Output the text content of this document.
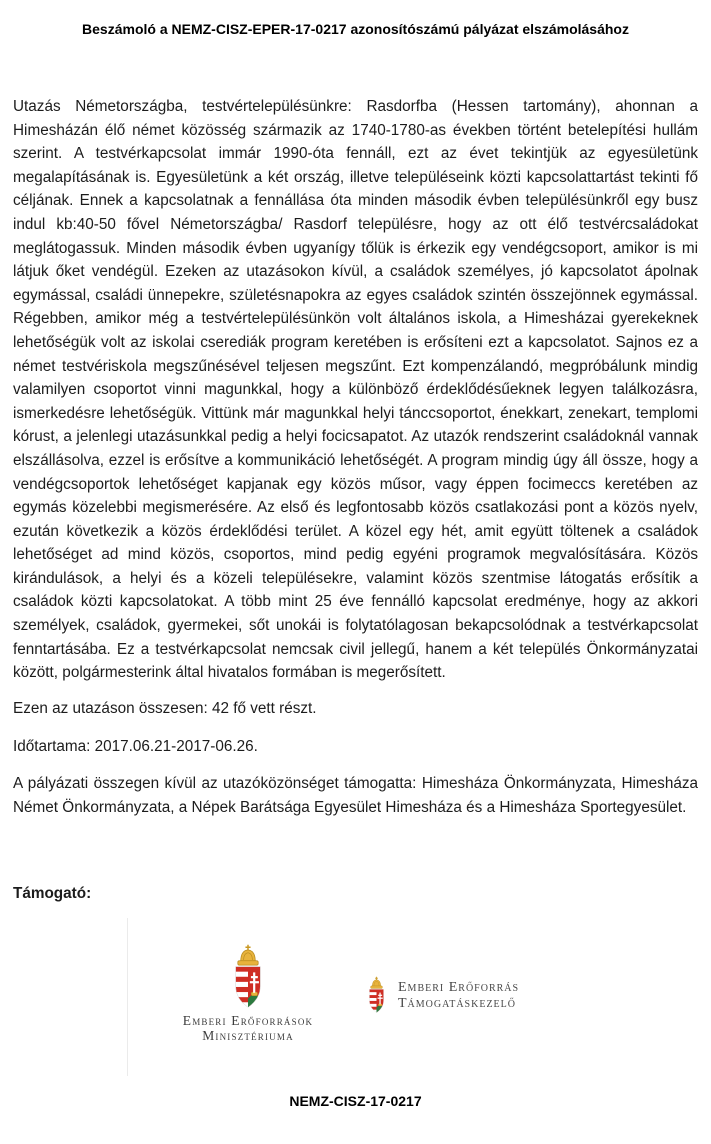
Beszámoló a NEMZ-CISZ-EPER-17-0217 azonosítószámú pályázat elszámolásához
Utazás Németországba, testvértelepülésünkre: Rasdorfba (Hessen tartomány), ahonnan a Himesházán élő német közösség származik az 1740-1780-as években történt betelepítési hullám szerint. A testvérkapcsolat immár 1990-óta fennáll, ezt az évet tekintjük az egyesületünk megalapításának is. Egyesületünk a két ország, illetve településeink közti kapcsolattartást tekinti fő céljának. Ennek a kapcsolatnak a fennállása óta minden második évben településünkről egy busz indul kb:40-50 fővel Németországba/ Rasdorf településre, hogy az ott élő testvércsaládokat meglátogassuk. Minden második évben ugyanígy tőlük is érkezik egy vendégcsoport, amikor is mi látjuk őket vendégül. Ezeken az utazásokon kívül, a családok személyes, jó kapcsolatot ápolnak egymással, családi ünnepekre, születésnapokra az egyes családok szintén összejönnek egymással. Régebben, amikor még a testvértelepülésünkön volt általános iskola, a Himesházai gyerekeknek lehetőségük volt az iskolai cserediák program keretében is erősíteni ezt a kapcsolatot. Sajnos ez a német testvériskola megszűnésével teljesen megszűnt. Ezt kompenzálandó, megpróbálunk mindig valamilyen csoportot vinni magunkkal, hogy a különböző érdeklődésűeknek legyen találkozásra, ismerkedésre lehetőségük. Vittünk már magunkkal helyi tánccsoportot, énekkart, zenekart, templomi kórust, a jelenlegi utazásunkkal pedig a helyi focicsapatot. Az utazók rendszerint családoknál vannak elszállásolva, ezzel is erősítve a kommunikáció lehetőségét. A program mindig úgy áll össze, hogy a vendégcsoportok lehetőséget kapjanak egy közös műsor, vagy éppen focimeccs keretében az egymás közelebbi megismerésére. Az első és legfontosabb közös csatlakozási pont a közös nyelv, ezután következik a közös érdeklődési terület. A közel egy hét, amit együtt töltenek a családok lehetőséget ad mind közös, csoportos, mind pedig egyéni programok megvalósítására. Közös kirándulások, a helyi és a közeli településekre, valamint közös szentmise látogatás erősítik a családok közti kapcsolatokat. A több mint 25 éve fennálló kapcsolat eredménye, hogy az akkori személyek, családok, gyermekei, sőt unokái is folytatólagosan bekapcsolódnak a testvérkapcsolat fenntartásába. Ez a testvérkapcsolat nemcsak civil jellegű, hanem a két település Önkormányzatai között, polgármesterink által hivatalos formában is megerősített.
Ezen az utazáson összesen: 42 fő vett részt.
Időtartama: 2017.06.21-2017-06.26.
A pályázati összegen kívül az utazóközönséget támogatta: Himesháza Önkormányzata, Himesháza Német Önkormányzata, a Népek Barátsága Egyesület Himesháza és a Himesháza Sportegyesület.
Támogató:
Emberi Erőforrások
Minisztériuma
Emberi Erőforrás
Támogatáskezelő
NEMZ-CISZ-17-0217
